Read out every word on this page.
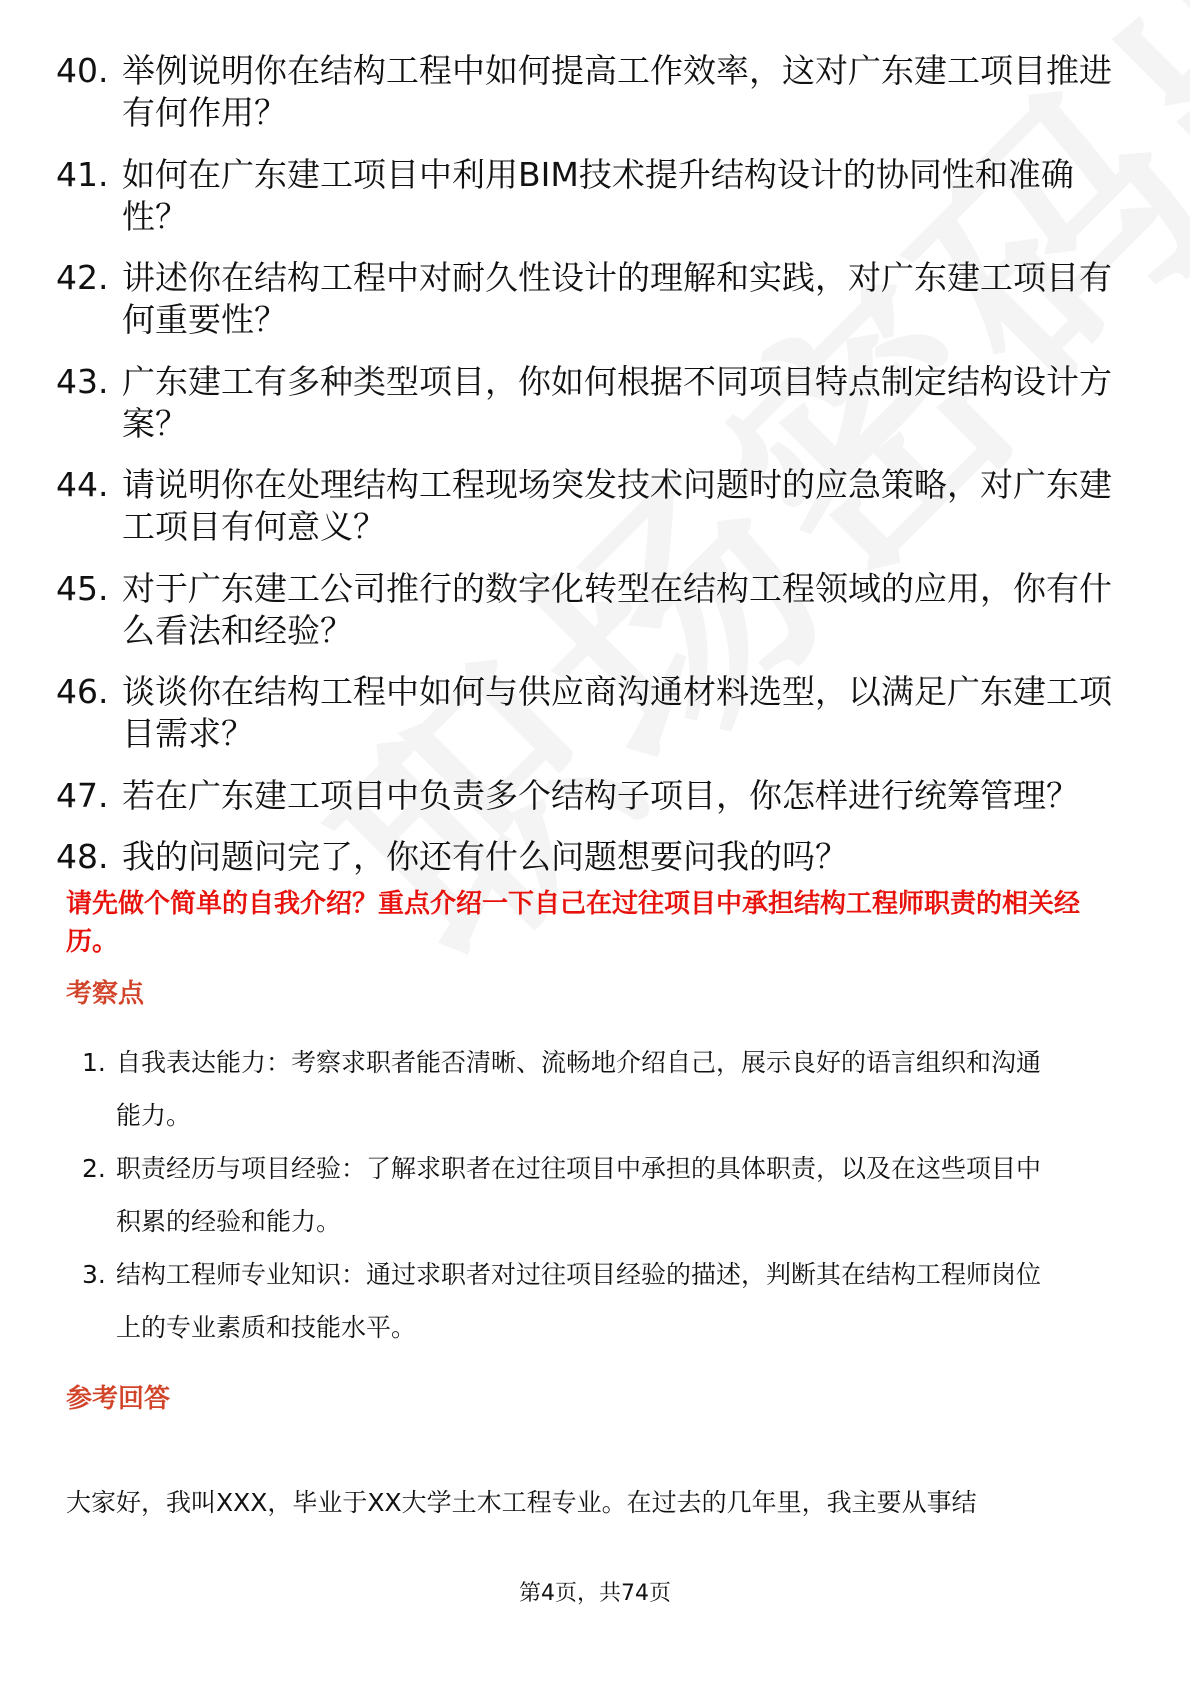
40. 举例说明你在结构工程中如何提高工作效率，这对广东建工项目推进有何作用？
41. 如何在广东建工项目中利用BIM技术提升结构设计的协同性和准确性？
42. 讲述你在结构工程中对耐久性设计的理解和实践，对广东建工项目有何重要性？
43. 广东建工有多种类型项目，你如何根据不同项目特点制定结构设计方案？
44. 请说明你在处理结构工程现场突发技术问题时的应急策略，对广东建工项目有何意义？
45. 对于广东建工公司推行的数字化转型在结构工程领域的应用，你有什么看法和经验？
46. 谈谈你在结构工程中如何与供应商沟通材料选型，以满足广东建工项目需求？
47. 若在广东建工项目中负责多个结构子项目，你怎样进行统筹管理？
48. 我的问题问完了，你还有什么问题想要问我的吗？
请先做个简单的自我介绍？重点介绍一下自己在过往项目中承担结构工程师职责的相关经历。
考察点
1. 自我表达能力：考察求职者能否清晰、流畅地介绍自己，展示良好的语言组织和沟通能力。
2. 职责经历与项目经验：了解求职者在过往项目中承担的具体职责，以及在这些项目中积累的经验和能力。
3. 结构工程师专业知识：通过求职者对过往项目经验的描述，判断其在结构工程师岗位上的专业素质和技能水平。
参考回答
大家好，我叫XXX，毕业于XX大学土木工程专业。在过去的几年里，我主要从事结
第4页，共74页
